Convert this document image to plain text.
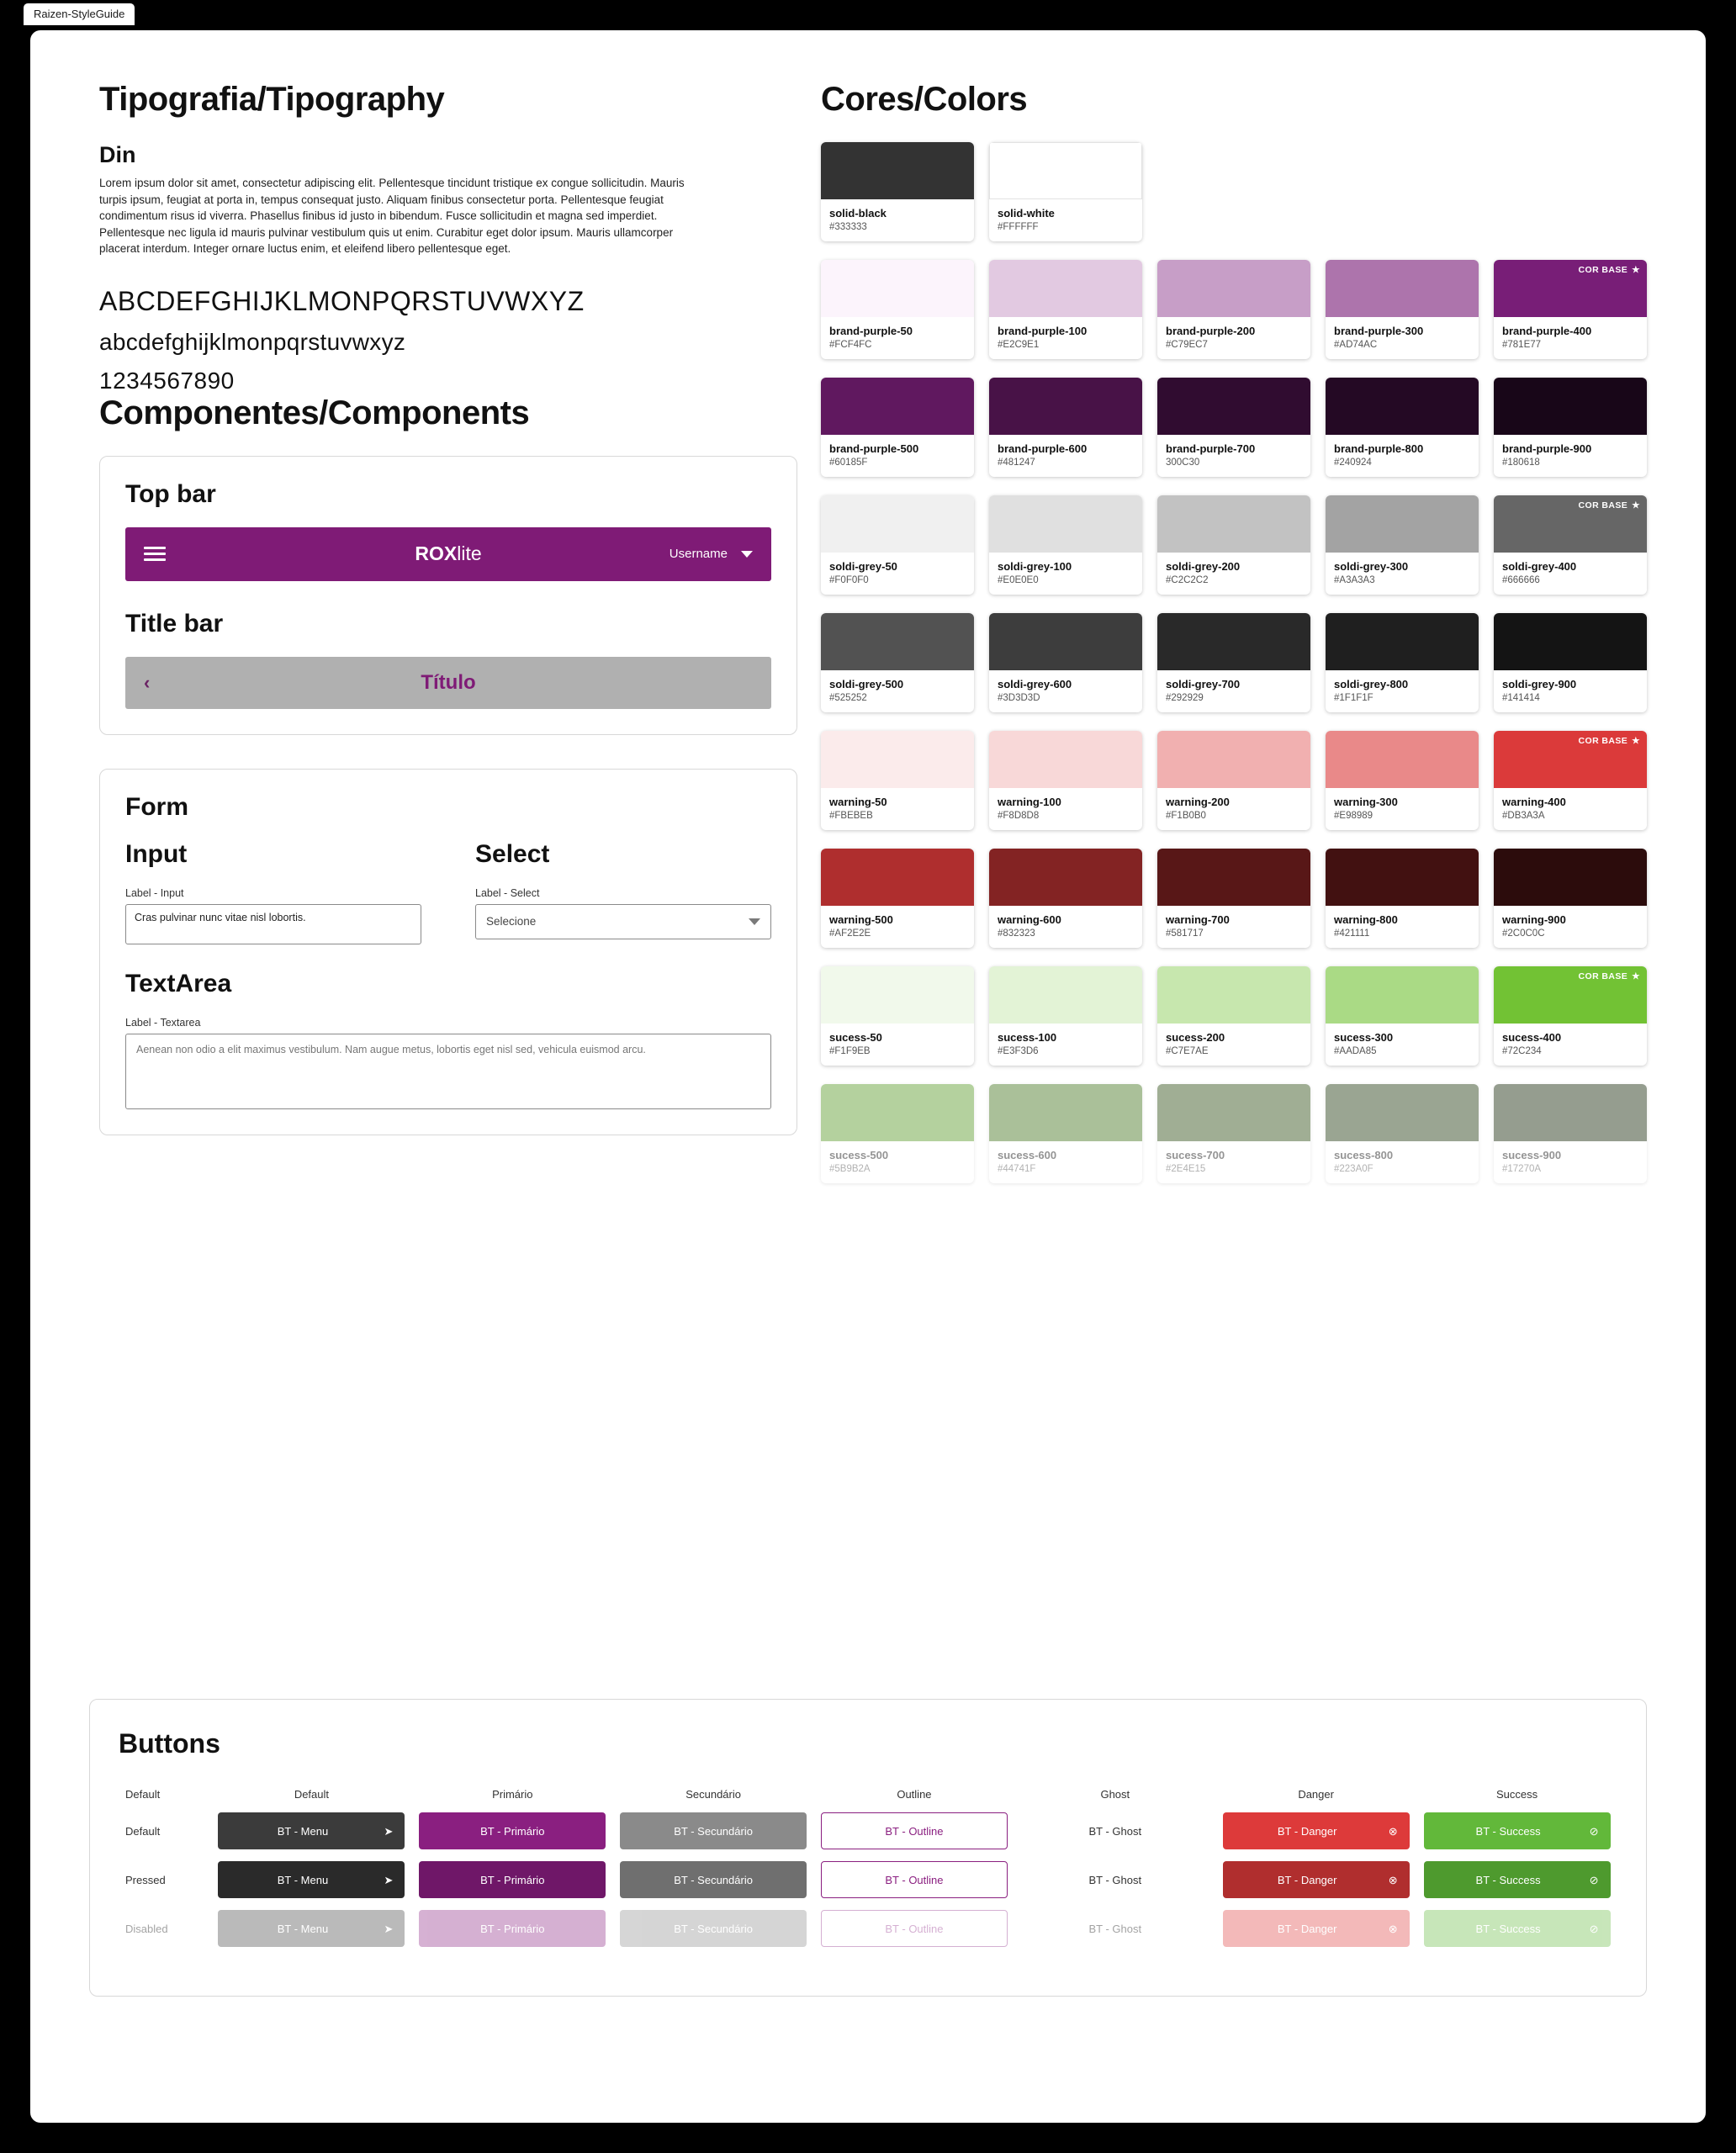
Raizen-StyleGuide
Tipografia/Tipography
Din

Lorem ipsum dolor sit amet, consectetur adipiscing elit. Pellentesque tincidunt tristique ex congue sollicitudin. Mauris turpis ipsum, feugiat at porta in, tempus consequat justo. Aliquam finibus consectetur porta. Pellentesque feugiat condimentum risus id viverra. Phasellus finibus id justo in bibendum. Fusce sollicitudin et magna sed imperdiet. Pellentesque nec ligula id mauris pulvinar vestibulum quis ut enim. Curabitur eget dolor ipsum. Mauris ullamcorper placerat interdum. Integer ornare luctus enim, et eleifend libero pellentesque eget.

ABCDEFGHIJKLMONPQRSTUVWXYZ
abcdefghijklmonpqrstuvwxyz
1234567890
Componentes/Components
Top bar
ROXlite	Username
Title bar
‹	Título
Form
Input
Label - Input
Cras pulvinar nunc vitae nisl lobortis.
Select
Label - Select
Selecione
TextArea
Label - Textarea
Aenean non odio a elit maximus vestibulum. Nam augue metus, lobortis eget nisl sed, vehicula euismod arcu.
Cores/Colors
solid-black
#333333
solid-white
#FFFFFF
brand-purple-50
#FCF4FC
brand-purple-100
#E2C9E1
brand-purple-200
#C79EC7
brand-purple-300
#AD74AC
COR BASE ★
brand-purple-400
#781E77
brand-purple-500
#60185F
brand-purple-600
#481247
brand-purple-700
300C30
brand-purple-800
#240924
brand-purple-900
#180618
soldi-grey-50
#F0F0F0
soldi-grey-100
#E0E0E0
soldi-grey-200
#C2C2C2
soldi-grey-300
#A3A3A3
COR BASE ★
soldi-grey-400
#666666
soldi-grey-500
#525252
soldi-grey-600
#3D3D3D
soldi-grey-700
#292929
soldi-grey-800
#1F1F1F
soldi-grey-900
#141414
warning-50
#FBEBEB
warning-100
#F8D8D8
warning-200
#F1B0B0
warning-300
#E98989
COR BASE ★
warning-400
#DB3A3A
warning-500
#AF2E2E
warning-600
#832323
warning-700
#581717
warning-800
#421111
warning-900
#2C0C0C
sucess-50
#F1F9EB
sucess-100
#E3F3D6
sucess-200
#C7E7AE
sucess-300
#AADA85
COR BASE ★
sucess-400
#72C234
sucess-500
#5B9B2A
sucess-600
#44741F
sucess-700
#2E4E15
sucess-800
#223A0F
sucess-900
#17270A
Buttons
Default	Default	Primário	Secundário	Outline	Ghost	Danger	Success
Default	BT - Menu ➤	BT - Primário	BT - Secundário	BT - Outline	BT - Ghost	BT - Danger ⊗	BT - Success ⊘

Pressed	BT - Menu ➤	BT - Primário	BT - Secundário	BT - Outline	BT - Ghost	BT - Danger ⊗	BT - Success ⊘

Disabled	BT - Menu ➤	BT - Primário	BT - Secundário	BT - Outline	BT - Ghost	BT - Danger ⊗	BT - Success ⊘
